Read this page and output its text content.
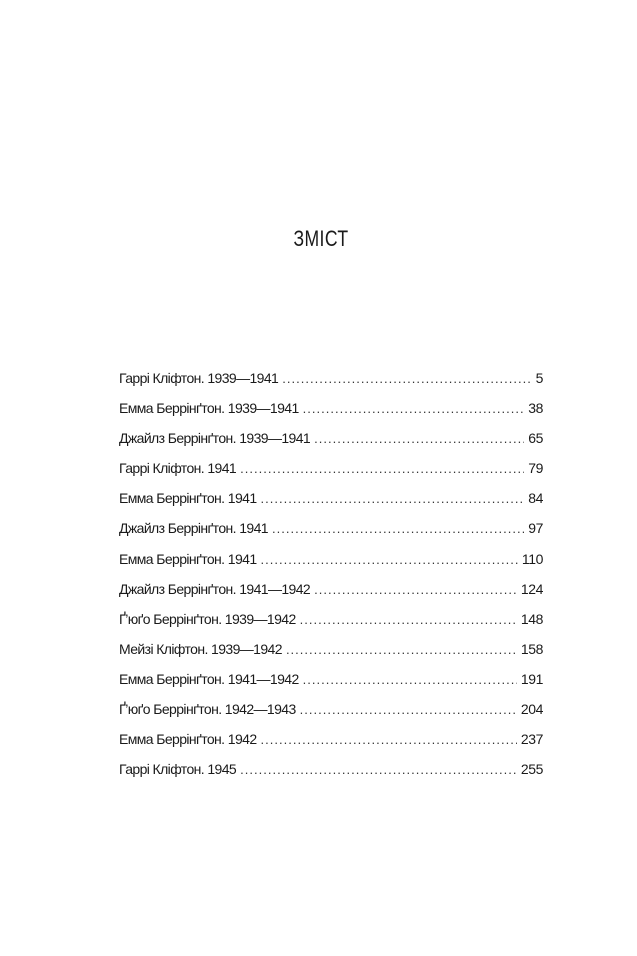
ЗМІСТ
Гаррі Кліфтон. 1939—1941 . . .	5
Емма Беррінґтон. 1939—1941 . . .	38
Джайлз Беррінґтон. 1939—1941 . . .	65
Гаррі Кліфтон. 1941 . . .	79
Емма Беррінґтон. 1941 . . .	84
Джайлз Беррінґтон. 1941 . . .	97
Емма Беррінґтон. 1941 . . .	110
Джайлз Беррінґтон. 1941—1942 . . .	124
Ґ’юґо Беррінґтон. 1939—1942 . . .	148
Мейзі Кліфтон. 1939—1942 . . .	158
Емма Беррінґтон. 1941—1942 . . .	191
Ґ’юґо Беррінґтон. 1942—1943 . . .	204
Емма Беррінґтон. 1942 . . .	237
Гаррі Кліфтон. 1945 . . .	255
